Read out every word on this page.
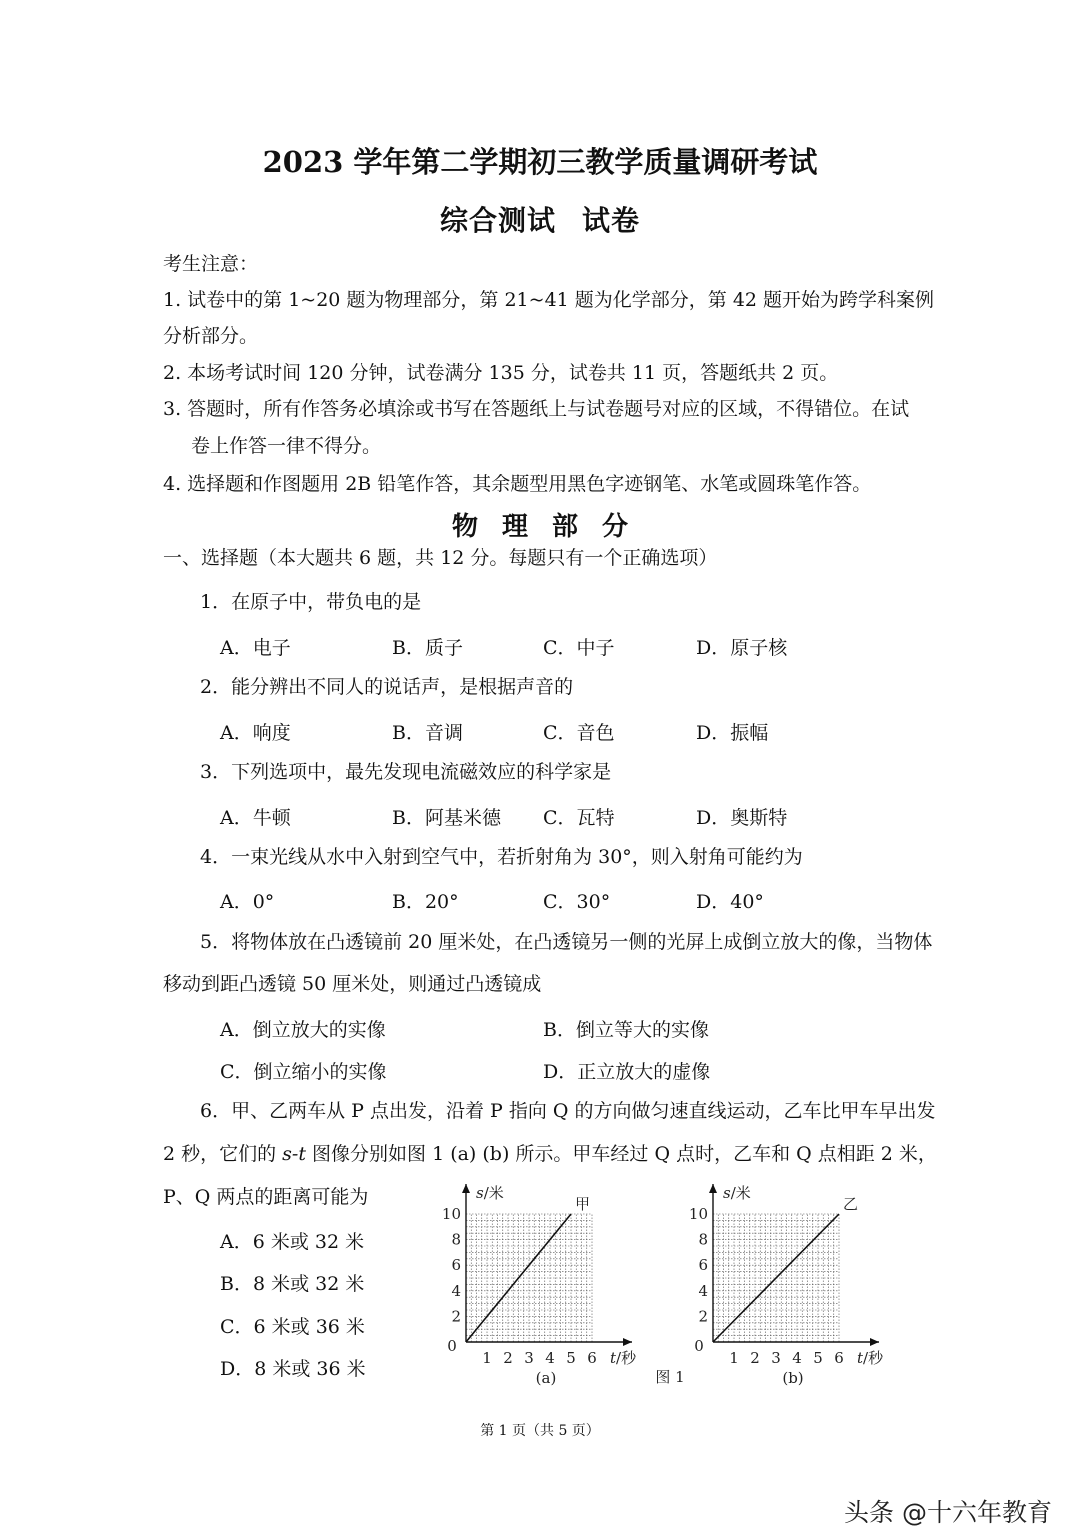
2023 学年第二学期初三教学质量调研考试
综合测试 试卷
考生注意：
1. 试卷中的第 1~20 题为物理部分，第 21~41 题为化学部分，第 42 题开始为跨学科案例
分析部分。
2. 本场考试时间 120 分钟，试卷满分 135 分，试卷共 11 页，答题纸共 2 页。
3. 答题时，所有作答务必填涂或书写在答题纸上与试卷题号对应的区域，不得错位。在试
卷上作答一律不得分。
4. 选择题和作图题用 2B 铅笔作答，其余题型用黑色字迹钢笔、水笔或圆珠笔作答。
物理部分
一、选择题（本大题共 6 题，共 12 分。每题只有一个正确选项）
1．在原子中，带负电的是
A．电子	B．质子	C．中子	D．原子核
2．能分辨出不同人的说话声，是根据声音的
A．响度	B．音调	C．音色	D．振幅
3．下列选项中，最先发现电流磁效应的科学家是
A．牛顿	B．阿基米德 C．瓦特	D．奥斯特
4．一束光线从水中入射到空气中，若折射角为 30°，则入射角可能约为
A．0°	B．20°	C．30°	D．40°
5．将物体放在凸透镜前 20 厘米处，在凸透镜另一侧的光屏上成倒立放大的像，当物体
移动到距凸透镜 50 厘米处，则通过凸透镜成
A．倒立放大的实像	B．倒立等大的实像
C．倒立缩小的实像	D．正立放大的虚像
6．甲、乙两车从 P 点出发，沿着 P 指向 Q 的方向做匀速直线运动，乙车比甲车早出发
2 秒，它们的 s-t 图像分别如图 1 (a) (b) 所示。甲车经过 Q 点时，乙车和 Q 点相距 2 米，
P、Q 两点的距离可能为
A．6 米或 32 米
B．8 米或 32 米
C．6 米或 36 米
D．8 米或 36 米	1 2 3 4 5 6
2
4
6
8
10
0
s/米
t/秒
甲
(a)
1 2 3 4 5 6
2
4
6
8
10
0
s/米
t/秒
乙
(b)
图 1
第 1 页（共 5 页）
头条 @十六年教育
